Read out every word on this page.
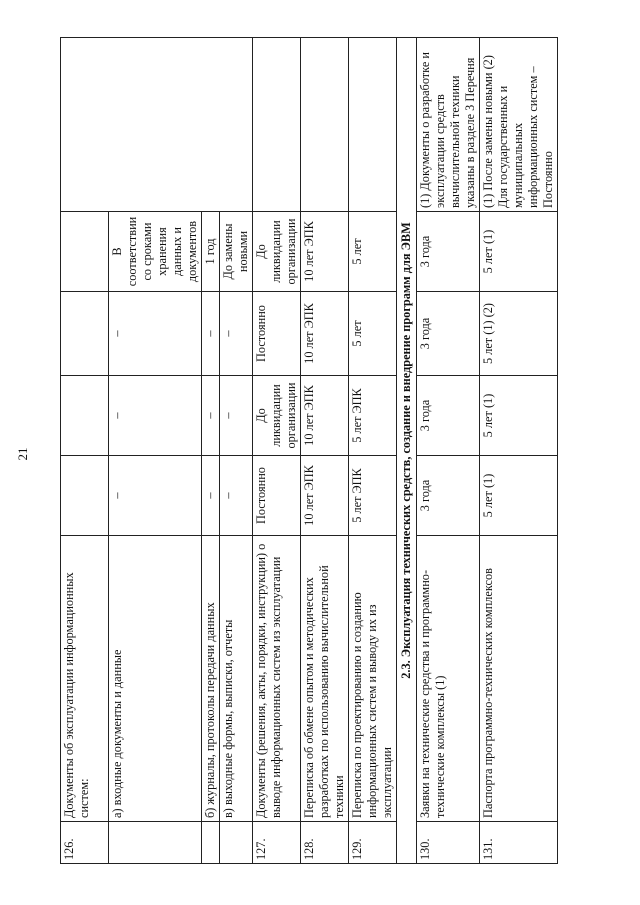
21
126.	Документы об эксплуатации информационных систем:					
	а) входные документы и данные	–	–	–	В соответствии со сроками хранения данных и документов	
	б) журналы, протоколы передачи данных	–	–	–	1 год	
	в) выходные формы, выписки, отчеты	–	–	–	До замены новыми	
127.	Документы (решения, акты, порядки, инструкции) о выводе информационных систем из эксплуатации	Постоянно	До ликвидации организации	Постоянно	До ликвидации организации	
128.	Переписка об обмене опытом и методических разработках по использованию вычислительной техники	10 лет ЭПК	10 лет ЭПК	10 лет ЭПК	10 лет ЭПК	
129.	Переписка по проектированию и созданию информационных систем и выводу их из эксплуатации	5 лет ЭПК	5 лет ЭПК	5 лет	5 лет	
2.3. Эксплуатация технических средств, создание и внедрение программ для ЭВМ						
130.	Заявки на технические средства и программно-технические комплексы (1)	3 года	3 года	3 года	3 года	(1) Документы о разработке и эксплуатации средств вычислительной техники указаны в разделе 3 Перечня
131.	Паспорта программно-технических комплексов	5 лет (1)	5 лет (1)	5 лет (1) (2)	5 лет (1)	(1) После замены новыми (2) Для государственных и муниципальных информационных систем – Постоянно
